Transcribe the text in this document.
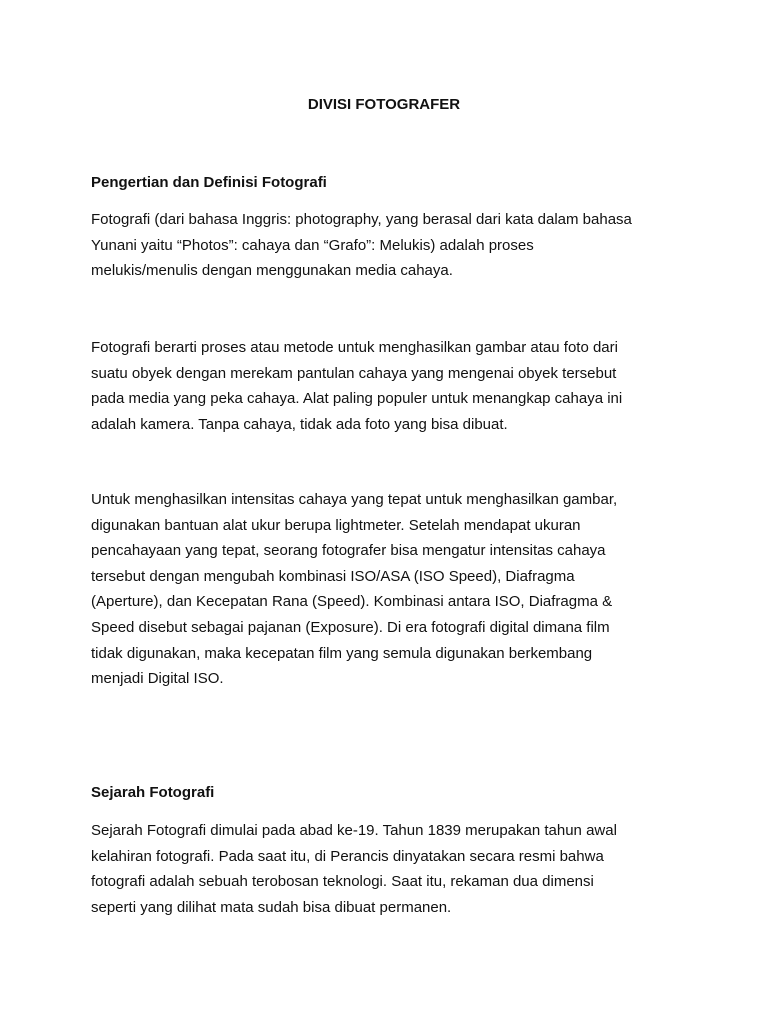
DIVISI FOTOGRAFER
Pengertian dan Definisi Fotografi
Fotografi (dari bahasa Inggris: photography, yang berasal dari kata dalam bahasa
Yunani yaitu “Photos”: cahaya dan “Grafo”: Melukis) adalah proses
melukis/menulis dengan menggunakan media cahaya.
Fotografi berarti proses atau metode untuk menghasilkan gambar atau foto dari
suatu obyek dengan merekam pantulan cahaya yang mengenai obyek tersebut
pada media yang peka cahaya. Alat paling populer untuk menangkap cahaya ini
adalah kamera. Tanpa cahaya, tidak ada foto yang bisa dibuat.
Untuk menghasilkan intensitas cahaya yang tepat untuk menghasilkan gambar,
digunakan bantuan alat ukur berupa lightmeter. Setelah mendapat ukuran
pencahayaan yang tepat, seorang fotografer bisa mengatur intensitas cahaya
tersebut dengan mengubah kombinasi ISO/ASA (ISO Speed), Diafragma
(Aperture), dan Kecepatan Rana (Speed). Kombinasi antara ISO, Diafragma &
Speed disebut sebagai pajanan (Exposure). Di era fotografi digital dimana film
tidak digunakan, maka kecepatan film yang semula digunakan berkembang
menjadi Digital ISO.
Sejarah Fotografi
Sejarah Fotografi dimulai pada abad ke-19. Tahun 1839 merupakan tahun awal
kelahiran fotografi. Pada saat itu, di Perancis dinyatakan secara resmi bahwa
fotografi adalah sebuah terobosan teknologi. Saat itu, rekaman dua dimensi
seperti yang dilihat mata sudah bisa dibuat permanen.
